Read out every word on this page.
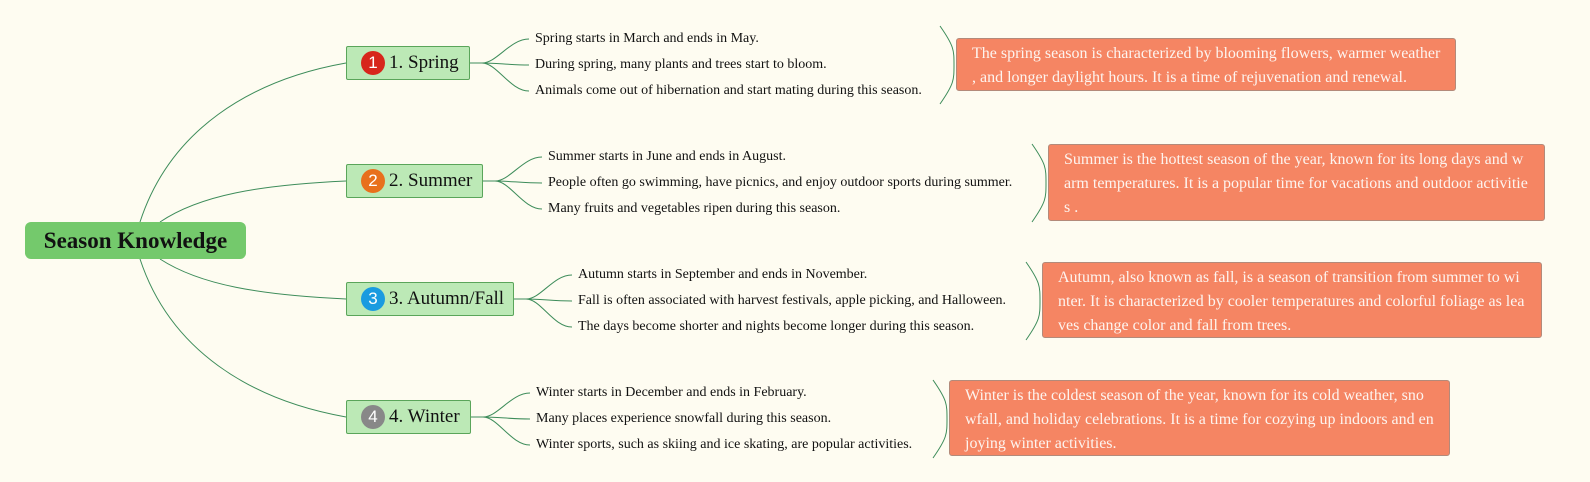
Season Knowledge
1 1. Spring
Spring starts in March and ends in May.
During spring, many plants and trees start to bloom.
Animals come out of hibernation and start mating during this season.
The spring season is characterized by blooming flowers, warmer weather , and longer daylight hours. It is a time of rejuvenation and renewal.
2 2. Summer
Summer starts in June and ends in August.
People often go swimming, have picnics, and enjoy outdoor sports during summer.
Many fruits and vegetables ripen during this season.
Summer is the hottest season of the year, known for its long days and warm temperatures. It is a popular time for vacations and outdoor activities .
3 3. Autumn/Fall
Autumn starts in September and ends in November.
Fall is often associated with harvest festivals, apple picking, and Halloween.
The days become shorter and nights become longer during this season.
Autumn, also known as fall, is a season of transition from summer to winter. It is characterized by cooler temperatures and colorful foliage as leaves change color and fall from trees.
4 4. Winter
Winter starts in December and ends in February.
Many places experience snowfall during this season.
Winter sports, such as skiing and ice skating, are popular activities.
Winter is the coldest season of the year, known for its cold weather, snowfall, and holiday celebrations. It is a time for cozying up indoors and enjoying winter activities.
